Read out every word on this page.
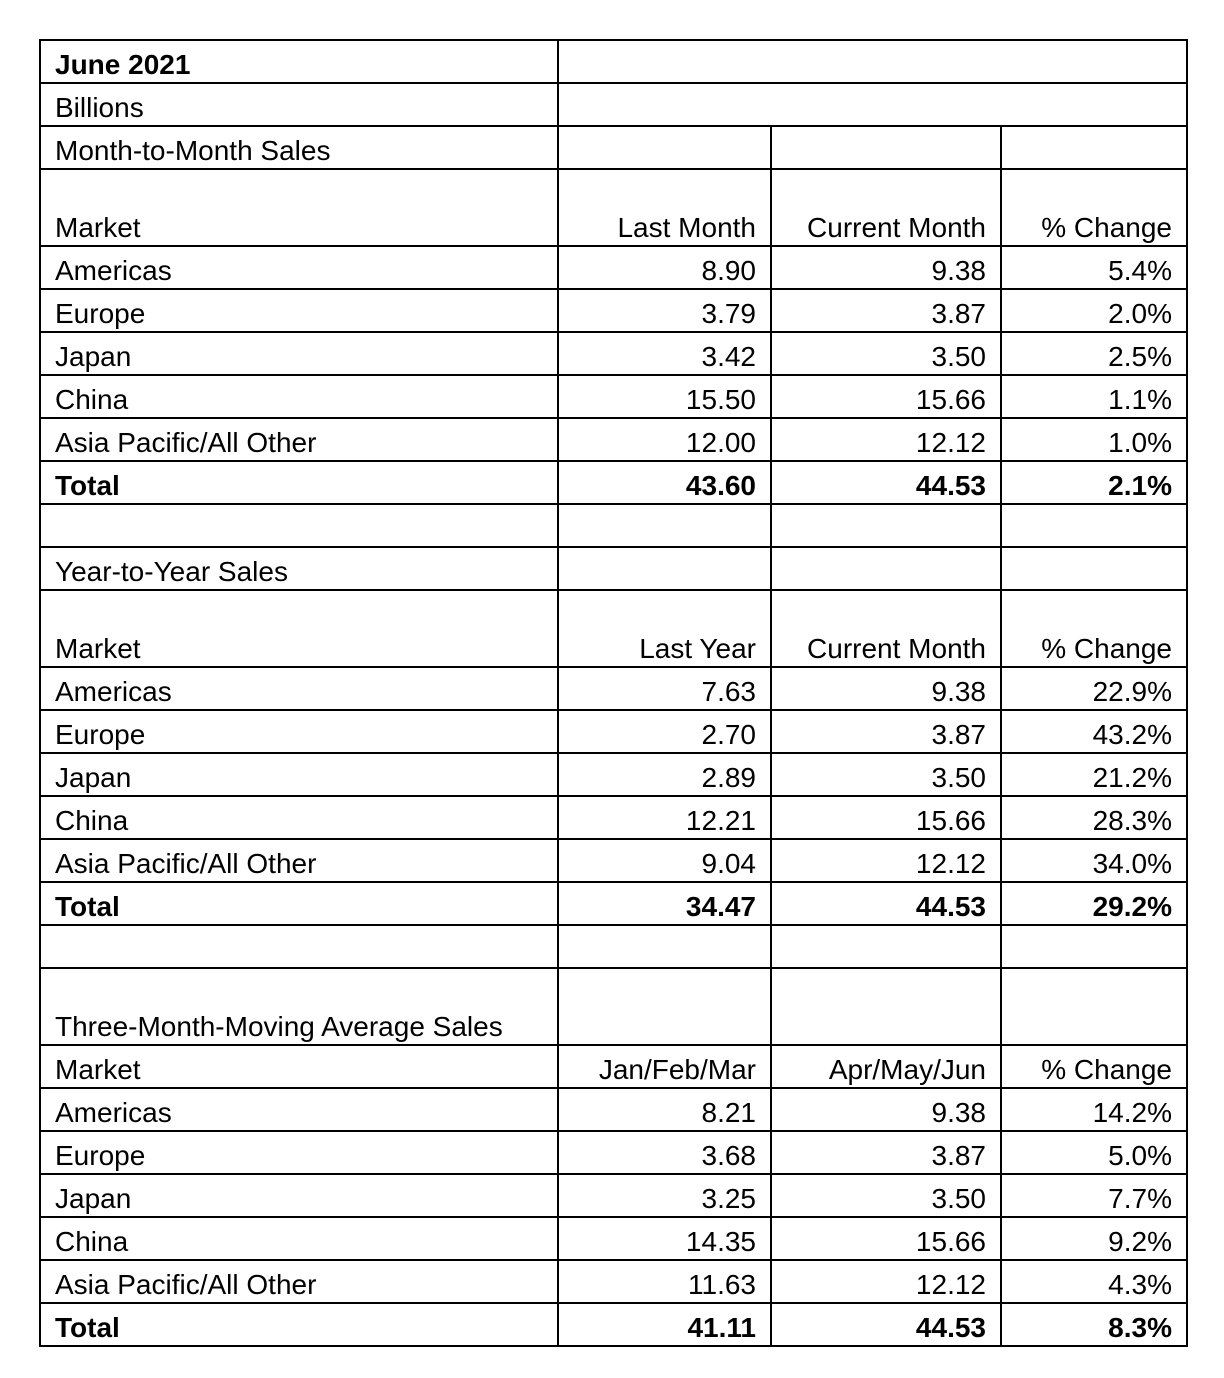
June 2021			
Billions			
Month-to-Month Sales			
Market	Last Month	Current Month	% Change
Americas	8.90	9.38	5.4%
Europe	3.79	3.87	2.0%
Japan	3.42	3.50	2.5%
China	15.50	15.66	1.1%
Asia Pacific/All Other	12.00	12.12	1.0%
Total	43.60	44.53	2.1%

Year-to-Year Sales			
Market	Last Year	Current Month	% Change
Americas	7.63	9.38	22.9%
Europe	2.70	3.87	43.2%
Japan	2.89	3.50	21.2%
China	12.21	15.66	28.3%
Asia Pacific/All Other	9.04	12.12	34.0%
Total	34.47	44.53	29.2%

Three-Month-Moving Average Sales			
Market	Jan/Feb/Mar	Apr/May/Jun	% Change
Americas	8.21	9.38	14.2%
Europe	3.68	3.87	5.0%
Japan	3.25	3.50	7.7%
China	14.35	15.66	9.2%
Asia Pacific/All Other	11.63	12.12	4.3%
Total	41.11	44.53	8.3%
